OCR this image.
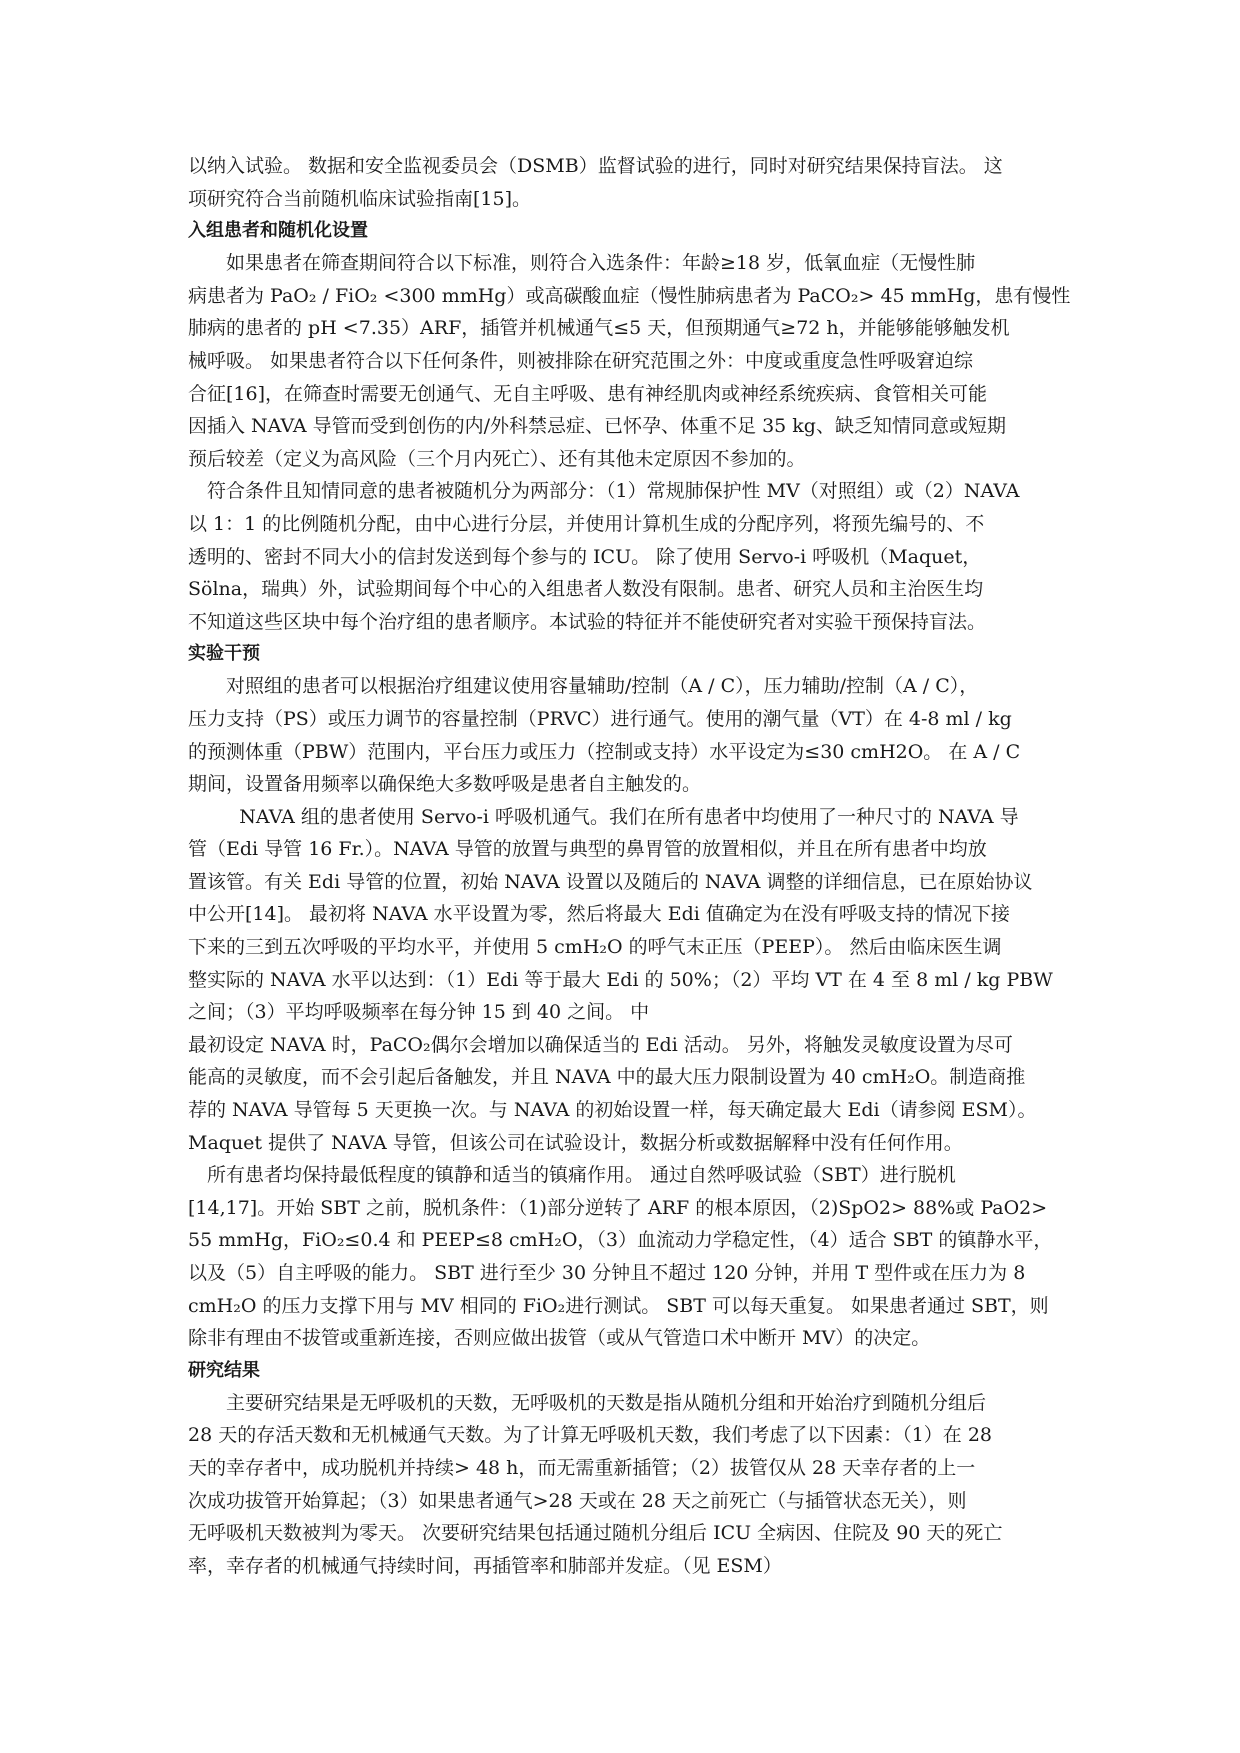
以纳入试验。 数据和安全监视委员会（DSMB）监督试验的进行，同时对研究结果保持盲法。 这
项研究符合当前随机临床试验指南[15]。
入组患者和随机化设置
如果患者在筛查期间符合以下标准，则符合入选条件：年龄≥18 岁，低氧血症（无慢性肺
病患者为 PaO₂ / FiO₂ <300 mmHg）或高碳酸血症（慢性肺病患者为 PaCO₂> 45 mmHg，患有慢性
肺病的患者的 pH <7.35）ARF，插管并机械通气≤5 天，但预期通气≥72 h，并能够能够触发机
械呼吸。 如果患者符合以下任何条件，则被排除在研究范围之外：中度或重度急性呼吸窘迫综
合征[16]，在筛查时需要无创通气、无自主呼吸、患有神经肌肉或神经系统疾病、食管相关可能
因插入 NAVA 导管而受到创伤的内/外科禁忌症、已怀孕、体重不足 35 kg、缺乏知情同意或短期
预后较差（定义为高风险（三个月内死亡）、还有其他未定原因不参加的。
符合条件且知情同意的患者被随机分为两部分：（1）常规肺保护性 MV（对照组）或（2）NAVA
以 1：1 的比例随机分配，由中心进行分层，并使用计算机生成的分配序列，将预先编号的、不
透明的、密封不同大小的信封发送到每个参与的 ICU。 除了使用 Servo-i 呼吸机（Maquet，
Sölna，瑞典）外，试验期间每个中心的入组患者人数没有限制。患者、研究人员和主治医生均
不知道这些区块中每个治疗组的患者顺序。本试验的特征并不能使研究者对实验干预保持盲法。
实验干预
对照组的患者可以根据治疗组建议使用容量辅助/控制（A / C），压力辅助/控制（A / C），
压力支持（PS）或压力调节的容量控制（PRVC）进行通气。使用的潮气量（VT）在 4-8 ml / kg
的预测体重（PBW）范围内，平台压力或压力（控制或支持）水平设定为≤30 cmH2O。 在 A / C
期间，设置备用频率以确保绝大多数呼吸是患者自主触发的。
NAVA 组的患者使用 Servo-i 呼吸机通气。我们在所有患者中均使用了一种尺寸的 NAVA 导
管（Edi 导管 16 Fr.）。NAVA 导管的放置与典型的鼻胃管的放置相似，并且在所有患者中均放
置该管。有关 Edi 导管的位置，初始 NAVA 设置以及随后的 NAVA 调整的详细信息，已在原始协议
中公开[14]。 最初将 NAVA 水平设置为零，然后将最大 Edi 值确定为在没有呼吸支持的情况下接
下来的三到五次呼吸的平均水平，并使用 5 cmH₂O 的呼气末正压（PEEP）。 然后由临床医生调
整实际的 NAVA 水平以达到：（1）Edi 等于最大 Edi 的 50%；（2）平均 VT 在 4 至 8 ml / kg PBW
之间；（3）平均呼吸频率在每分钟 15 到 40 之间。 中
最初设定 NAVA 时，PaCO₂偶尔会增加以确保适当的 Edi 活动。 另外，将触发灵敏度设置为尽可
能高的灵敏度，而不会引起后备触发，并且 NAVA 中的最大压力限制设置为 40 cmH₂O。制造商推
荐的 NAVA 导管每 5 天更换一次。与 NAVA 的初始设置一样，每天确定最大 Edi（请参阅 ESM）。
Maquet 提供了 NAVA 导管，但该公司在试验设计，数据分析或数据解释中没有任何作用。
所有患者均保持最低程度的镇静和适当的镇痛作用。 通过自然呼吸试验（SBT）进行脱机
[14,17]。开始 SBT 之前，脱机条件：（1)部分逆转了 ARF 的根本原因，（2)SpO2> 88%或 PaO2>
55 mmHg，FiO₂≤0.4 和 PEEP≤8 cmH₂O，（3）血流动力学稳定性，（4）适合 SBT 的镇静水平，
以及（5）自主呼吸的能力。 SBT 进行至少 30 分钟且不超过 120 分钟，并用 T 型件或在压力为 8
cmH₂O 的压力支撑下用与 MV 相同的 FiO₂进行测试。 SBT 可以每天重复。 如果患者通过 SBT，则
除非有理由不拔管或重新连接，否则应做出拔管（或从气管造口术中断开 MV）的决定。
研究结果
主要研究结果是无呼吸机的天数，无呼吸机的天数是指从随机分组和开始治疗到随机分组后
28 天的存活天数和无机械通气天数。为了计算无呼吸机天数，我们考虑了以下因素：（1）在 28
天的幸存者中，成功脱机并持续> 48 h，而无需重新插管；（2）拔管仅从 28 天幸存者的上一
次成功拔管开始算起；（3）如果患者通气>28 天或在 28 天之前死亡（与插管状态无关），则
无呼吸机天数被判为零天。 次要研究结果包括通过随机分组后 ICU 全病因、住院及 90 天的死亡
率，幸存者的机械通气持续时间，再插管率和肺部并发症。（见 ESM）
